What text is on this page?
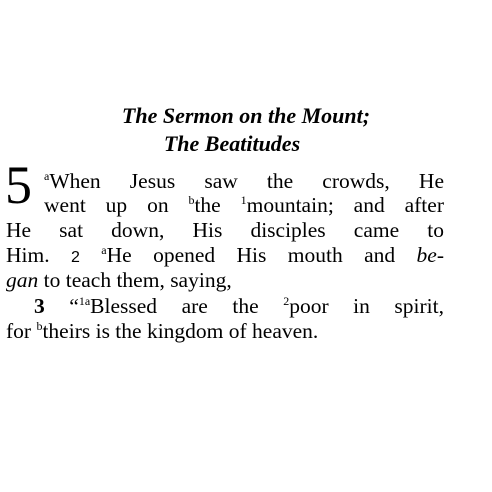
The Sermon on the Mount;
The Beatitudes
5 $^a$When Jesus saw the crowds, He
went up on $^b$the $^1$mountain; and after
He sat down, His disciples came to
Him. 2 $^a$He opened His mouth and be-
gan to teach them, saying,
3 “$^{1a}$Blessed are the $^2$poor in spirit,
for $^b$theirs is the kingdom of heaven.
